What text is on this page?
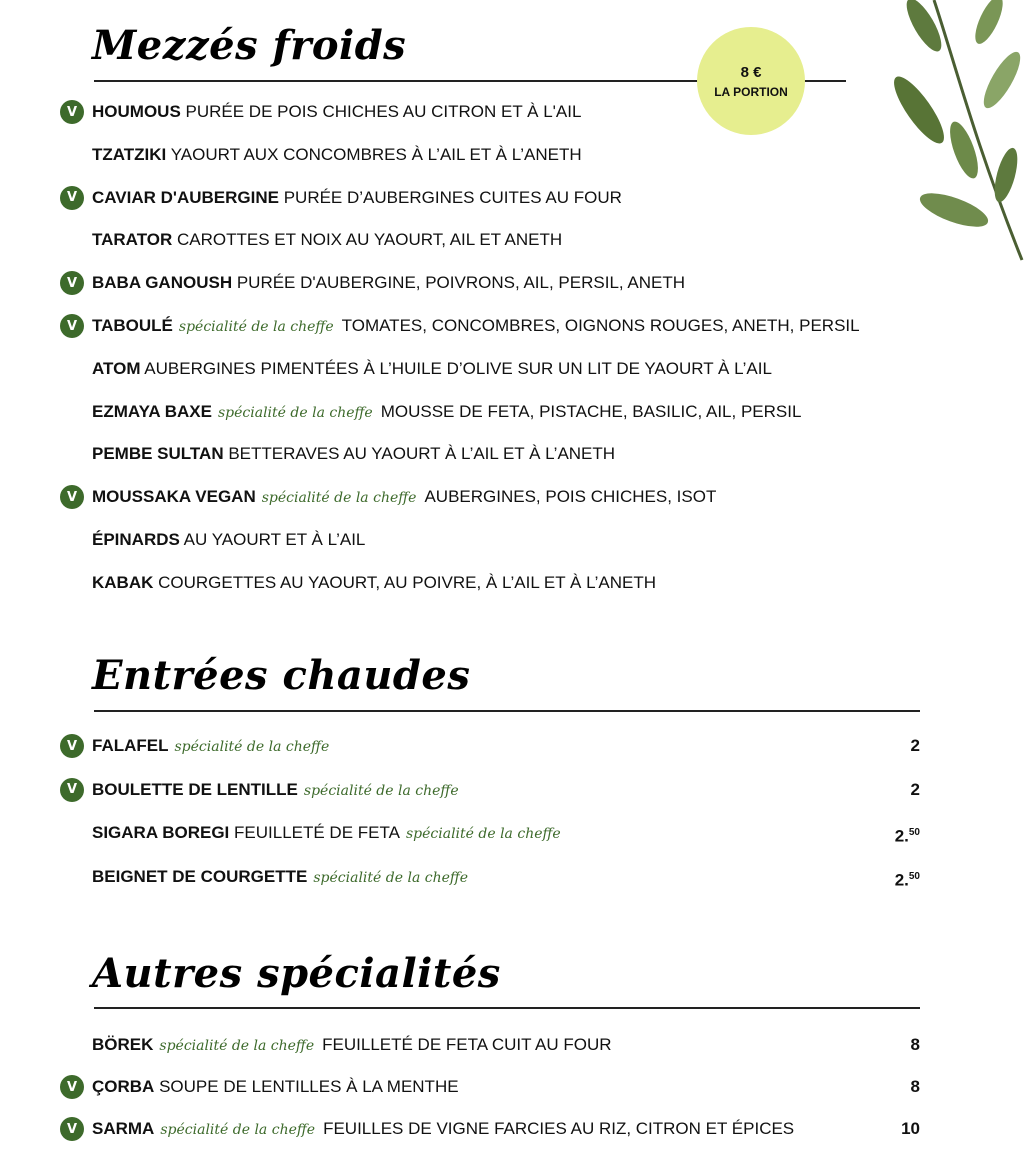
Mezzés froids
8 €
LA PORTION
V HOUMOUS PURÉE DE POIS CHICHES AU CITRON ET À L'AIL
TZATZIKI YAOURT AUX CONCOMBRES À L’AIL ET À L’ANETH
V CAVIAR D'AUBERGINE PURÉE D’AUBERGINES CUITES AU FOUR
TARATOR CAROTTES ET NOIX AU YAOURT, AIL ET ANETH
V BABA GANOUSH PURÉE D'AUBERGINE, POIVRONS, AIL, PERSIL, ANETH
V TABOULÉ spécialité de la cheffe TOMATES, CONCOMBRES, OIGNONS ROUGES, ANETH, PERSIL
ATOM AUBERGINES PIMENTÉES À L’HUILE D’OLIVE SUR UN LIT DE YAOURT À L’AIL
EZMAYA BAXE spécialité de la cheffe MOUSSE DE FETA, PISTACHE, BASILIC, AIL, PERSIL
PEMBE SULTAN BETTERAVES AU YAOURT À L’AIL ET À L’ANETH
V MOUSSAKA VEGAN spécialité de la cheffe AUBERGINES, POIS CHICHES, ISOT
ÉPINARDS AU YAOURT ET À L’AIL
KABAK COURGETTES AU YAOURT, AU POIVRE, À L’AIL ET À L’ANETH
Entrées chaudes
V FALAFEL spécialité de la cheffe	2
V BOULETTE DE LENTILLE spécialité de la cheffe	2
SIGARA BOREGI FEUILLETÉ DE FETA spécialité de la cheffe	2.50
BEIGNET DE COURGETTE spécialité de la cheffe	2.50
Autres spécialités
BÖREK spécialité de la cheffe FEUILLETÉ DE FETA CUIT AU FOUR	8
V ÇORBA SOUPE DE LENTILLES À LA MENTHE	8
V SARMA spécialité de la cheffe FEUILLES DE VIGNE FARCIES AU RIZ, CITRON ET ÉPICES	10
